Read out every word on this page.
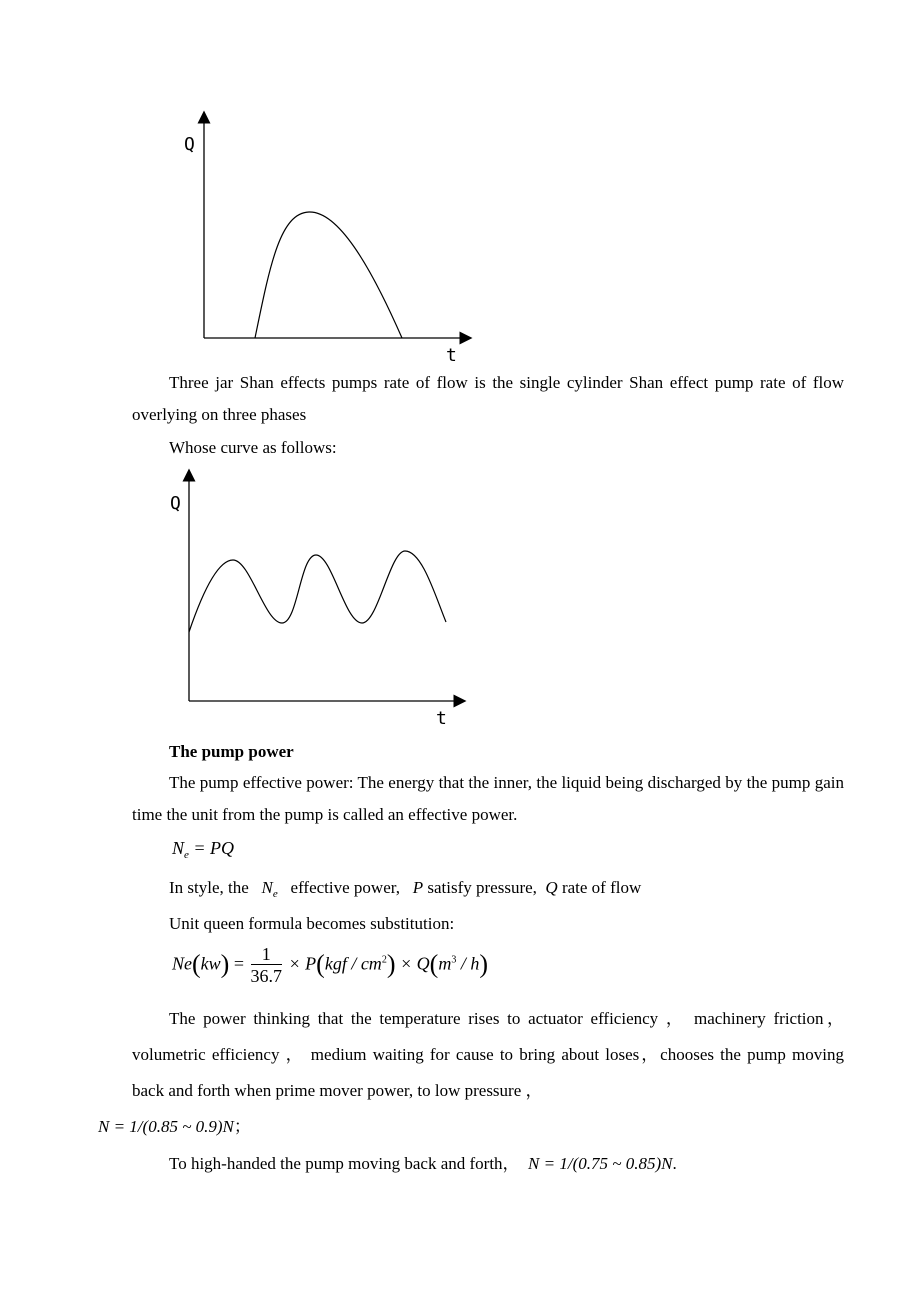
Q
t

Three jar Shan effects pumps rate of flow is the single cylinder Shan effect pump rate of flow overlying on three phases

Whose curve as follows:

Q
t

The pump power

The pump effective power: The energy that the inner, the liquid being discharged by the pump gain time the unit from the pump is called an effective power.

$N_e$ = PQ

In style, the $N_e$ effective power, P satisfy pressure, Q rate of flow

Unit queen formula becomes substitution:

$Ne(kw) = \frac{1}{36.7} \times P(kgf / cm^2) \times Q(m^3 / h)$

The power thinking that the temperature rises to actuator efficiency ， machinery friction，volumetric efficiency ， medium waiting for cause to bring about loses，chooses the pump moving back and forth when prime mover power, to low pressure ，
N = 1/(0.85 ~ 0.9)N；

To high-handed the pump moving back and forth， N = 1/(0.75 ~ 0.85)N.
